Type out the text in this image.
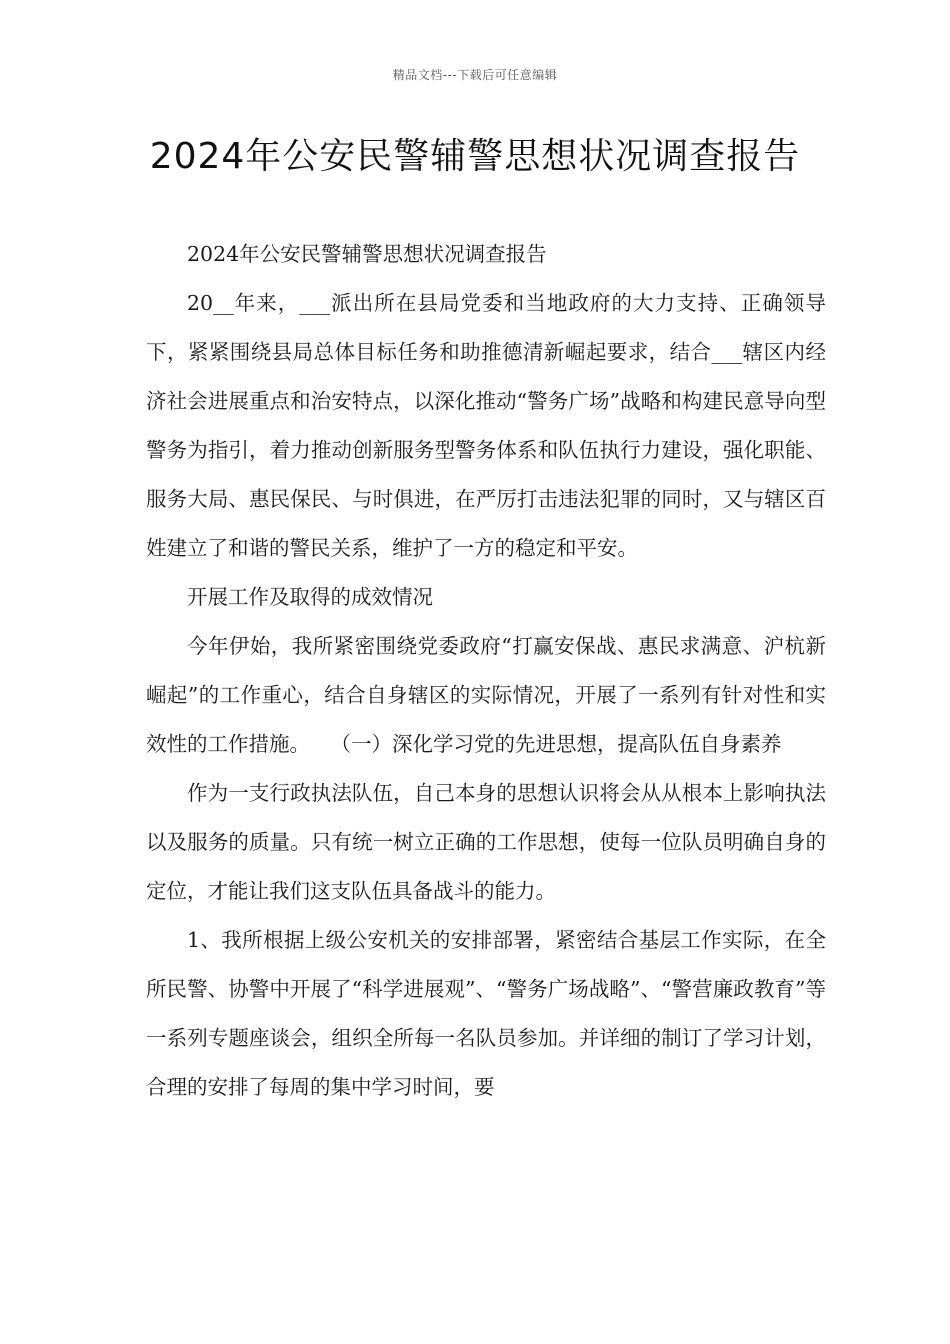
精品文档---下载后可任意编辑
2024年公安民警辅警思想状况调查报告

2024年公安民警辅警思想状况调查报告

20__年来，___派出所在县局党委和当地政府的大力支持、正确领导下，紧紧围绕县局总体目标任务和助推德清新崛起要求，结合___辖区内经济社会进展重点和治安特点，以深化推动“警务广场”战略和构建民意导向型警务为指引，着力推动创新服务型警务体系和队伍执行力建设，强化职能、服务大局、惠民保民、与时俱进，在严厉打击违法犯罪的同时，又与辖区百姓建立了和谐的警民关系，维护了一方的稳定和平安。

开展工作及取得的成效情况

今年伊始，我所紧密围绕党委政府“打赢安保战、惠民求满意、沪杭新崛起”的工作重心，结合自身辖区的实际情况，开展了一系列有针对性和实效性的工作措施。　　（一）深化学习党的先进思想，提高队伍自身素养

作为一支行政执法队伍，自己本身的思想认识将会从从根本上影响执法以及服务的质量。只有统一树立正确的工作思想，使每一位队员明确自身的定位，才能让我们这支队伍具备战斗的能力。

1、我所根据上级公安机关的安排部署，紧密结合基层工作实际，在全所民警、协警中开展了“科学进展观”、“警务广场战略”、“警营廉政教育”等一系列专题座谈会，组织全所每一名队员参加。并详细的制订了学习计划，合理的安排了每周的集中学习时间，要
